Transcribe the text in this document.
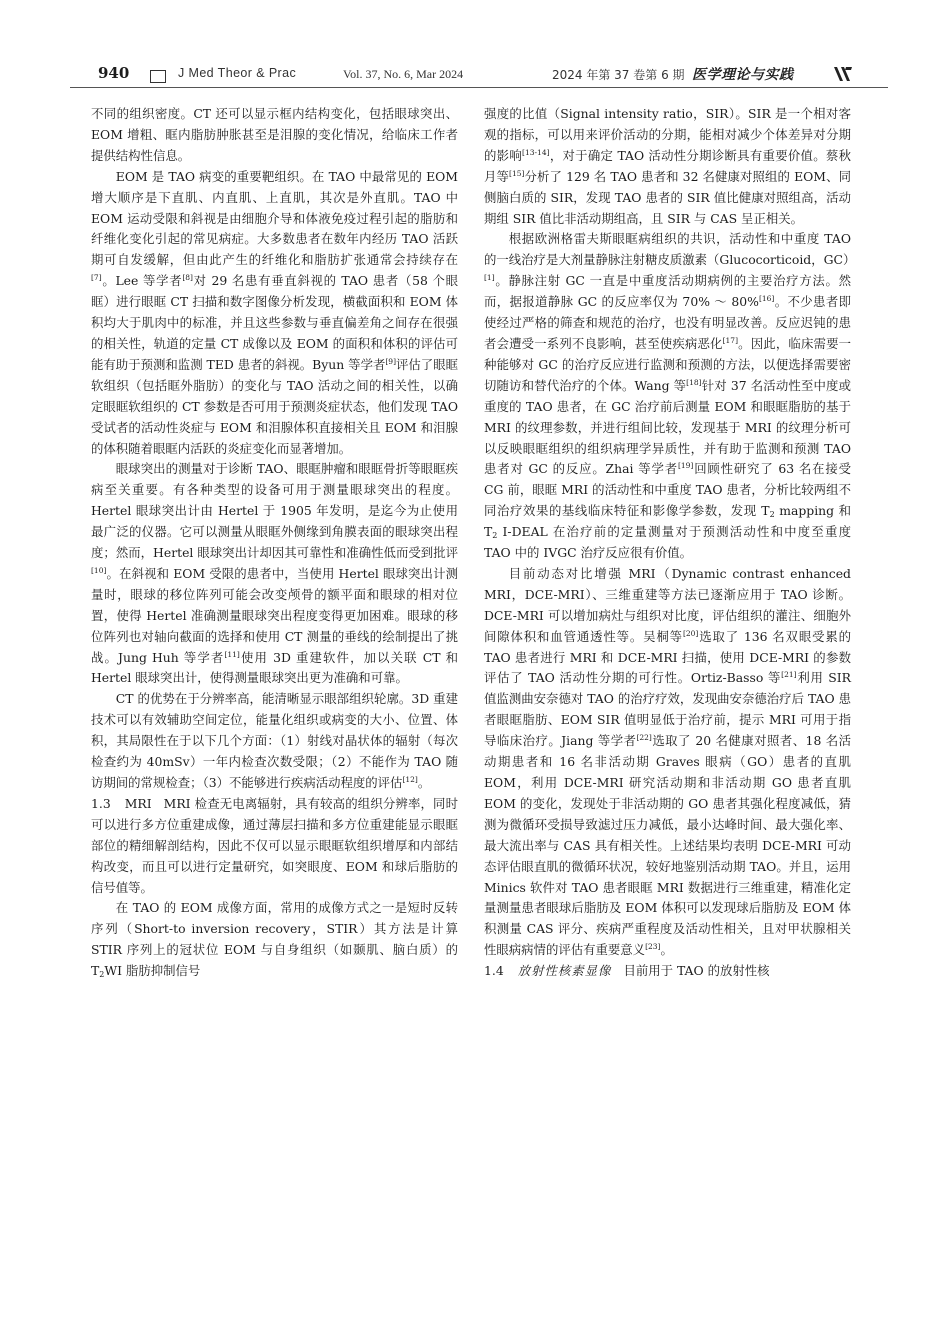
940	J Med Theor & Prac	Vol. 37, No. 6, Mar 2024	2024 年第 37 卷第 6 期 医学理论与实践

不同的组织密度。CT 还可以显示框内结构变化，包括眼球突出、EOM 增粗、眶内脂肪肿胀甚至是泪腺的变化情况，给临床工作者提供结构性信息。

EOM 是 TAO 病变的重要靶组织。在 TAO 中最常见的 EOM 增大顺序是下直肌、内直肌、上直肌，其次是外直肌。TAO 中 EOM 运动受限和斜视是由细胞介导和体液免疫过程引起的脂肪和纤维化变化引起的常见病症。大多数患者在数年内经历 TAO 活跃期可自发缓解，但由此产生的纤维化和脂肪扩张通常会持续存在[7]。Lee 等学者[8]对 29 名患有垂直斜视的 TAO 患者（58 个眼眶）进行眼眶 CT 扫描和数字图像分析发现，横截面积和 EOM 体积均大于肌肉中的标准，并且这些参数与垂直偏差角之间存在很强的相关性，轨道的定量 CT 成像以及 EOM 的面积和体积的评估可能有助于预测和监测 TED 患者的斜视。Byun 等学者[9]评估了眼眶软组织（包括眶外脂肪）的变化与 TAO 活动之间的相关性，以确定眼眶软组织的 CT 参数是否可用于预测炎症状态，他们发现 TAO 受试者的活动性炎症与 EOM 和泪腺体积直接相关且 EOM 和泪腺的体积随着眼眶内活跃的炎症变化而显著增加。

眼球突出的测量对于诊断 TAO、眼眶肿瘤和眼眶骨折等眼眶疾病至关重要。有各种类型的设备可用于测量眼球突出的程度。Hertel 眼球突出计由 Hertel 于 1905 年发明，是迄今为止使用最广泛的仪器。它可以测量从眼眶外侧缘到角膜表面的眼球突出程度；然而，Hertel 眼球突出计却因其可靠性和准确性低而受到批评[10]。在斜视和 EOM 受限的患者中，当使用 Hertel 眼球突出计测量时，眼球的移位阵列可能会改变颅骨的额平面和眼球的相对位置，使得 Hertel 准确测量眼球突出程度变得更加困难。眼球的移位阵列也对轴向截面的选择和使用 CT 测量的垂线的绘制提出了挑战。Jung Huh 等学者[11]使用 3D 重建软件，加以关联 CT 和 Hertel 眼球突出计，使得测量眼球突出更为准确和可靠。

CT 的优势在于分辨率高，能清晰显示眼部组织轮廓。3D 重建技术可以有效辅助空间定位，能量化组织或病变的大小、位置、体积，其局限性在于以下几个方面：（1）射线对晶状体的辐射（每次检查约为 40mSv）一年内检查次数受限；（2）不能作为 TAO 随访期间的常规检查；（3）不能够进行疾病活动程度的评估[12]。

1.3 MRI MRI 检查无电离辐射，具有较高的组织分辨率，同时可以进行多方位重建成像，通过薄层扫描和多方位重建能显示眼眶部位的精细解剖结构，因此不仅可以显示眼眶软组织增厚和内部结构改变，而且可以进行定量研究，如突眼度、EOM 和球后脂肪的信号值等。

在 TAO 的 EOM 成像方面，常用的成像方式之一是短时反转序列（Short-to inversion recovery，STIR）其方法是计算 STIR 序列上的冠状位 EOM 与自身组织（如颞肌、脑白质）的 $T_2WI$ 脂肪抑制信号

强度的比值（Signal intensity ratio，SIR）。SIR 是一个相对客观的指标，可以用来评价活动的分期，能相对减少个体差异对分期的影响[13-14]，对于确定 TAO 活动性分期诊断具有重要价值。蔡秋月等[15]分析了 129 名 TAO 患者和 32 名健康对照组的 EOM、同侧脑白质的 SIR，发现 TAO 患者的 SIR 值比健康对照组高，活动期组 SIR 值比非活动期组高，且 SIR 与 CAS 呈正相关。

根据欧洲格雷夫斯眼眶病组织的共识，活动性和中重度 TAO 的一线治疗是大剂量静脉注射糖皮质激素（Glucocorticoid，GC）[1]。静脉注射 GC 一直是中重度活动期病例的主要治疗方法。然而，据报道静脉 GC 的反应率仅为 70% ～ 80%[16]。不少患者即使经过严格的筛查和规范的治疗，也没有明显改善。反应迟钝的患者会遭受一系列不良影响，甚至使疾病恶化[17]。因此，临床需要一种能够对 GC 的治疗反应进行监测和预测的方法，以便选择需要密切随访和替代治疗的个体。Wang 等[18]针对 37 名活动性至中度或重度的 TAO 患者，在 GC 治疗前后测量 EOM 和眼眶脂肪的基于 MRI 的纹理参数，并进行组间比较，发现基于 MRI 的纹理分析可以反映眼眶组织的组织病理学异质性，并有助于监测和预测 TAO 患者对 GC 的反应。Zhai 等学者[19]回顾性研究了 63 名在接受 CG 前，眼眶 MRI 的活动性和中重度 TAO 患者，分析比较两组不同治疗效果的基线临床特征和影像学参数，发现 $T_2$ mapping 和 $T_2$ I-DEAL 在治疗前的定量测量对于预测活动性和中度至重度 TAO 中的 IVGC 治疗反应很有价值。

目前动态对比增强 MRI（Dynamic contrast enhanced MRI，DCE-MRI）、三维重建等方法已逐渐应用于 TAO 诊断。DCE-MRI 可以增加病灶与组织对比度，评估组织的灌注、细胞外间隙体积和血管通透性等。吴桐等[20]选取了 136 名双眼受累的 TAO 患者进行 MRI 和 DCE-MRI 扫描，使用 DCE-MRI 的参数评估了 TAO 活动性分期的可行性。Ortiz-Basso 等[21]利用 SIR 值监测曲安奈德对 TAO 的治疗疗效，发现曲安奈德治疗后 TAO 患者眼眶脂肪、EOM SIR 值明显低于治疗前，提示 MRI 可用于指导临床治疗。Jiang 等学者[22]选取了 20 名健康对照者、18 名活动期患者和 16 名非活动期 Graves 眼病（GO）患者的直肌 EOM，利用 DCE-MRI 研究活动期和非活动期 GO 患者直肌 EOM 的变化，发现处于非活动期的 GO 患者其强化程度减低，猜测为微循环受损导致滤过压力减低，最小达峰时间、最大强化率、最大流出率与 CAS 具有相关性。上述结果均表明 DCE-MRI 可动态评估眼直肌的微循环状况，较好地鉴别活动期 TAO。并且，运用 Minics 软件对 TAO 患者眼眶 MRI 数据进行三维重建，精准化定量测量患者眼球后脂肪及 EOM 体积可以发现球后脂肪及 EOM 体积测量 CAS 评分、疾病严重程度及活动性相关，且对甲状腺相关性眼病病情的评估有重要意义[23]。

1.4 放射性核素显像 目前用于 TAO 的放射性核
